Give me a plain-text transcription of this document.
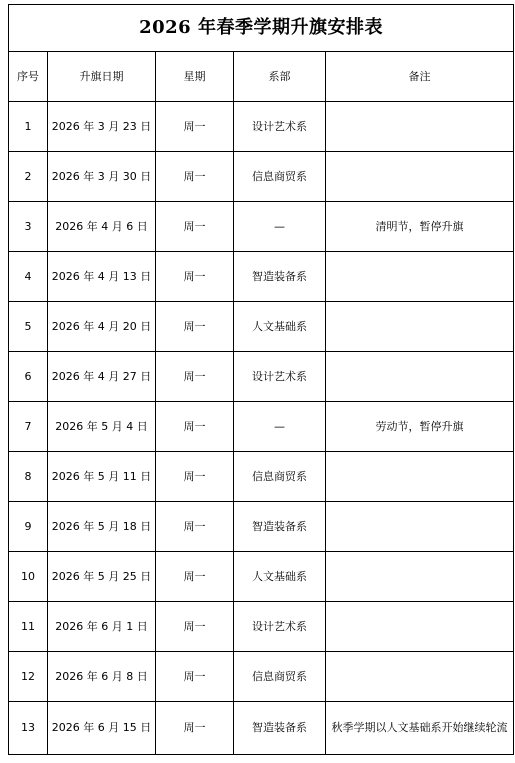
2026 年春季学期升旗安排表				
序号	升旗日期	星期	系部	备注
1	2026 年 3 月 23 日	周一	设计艺术系	
2	2026 年 3 月 30 日	周一	信息商贸系	
3	2026 年 4 月 6 日	周一	—	清明节，暂停升旗
4	2026 年 4 月 13 日	周一	智造装备系	
5	2026 年 4 月 20 日	周一	人文基础系	
6	2026 年 4 月 27 日	周一	设计艺术系	
7	2026 年 5 月 4 日	周一	—	劳动节，暂停升旗
8	2026 年 5 月 11 日	周一	信息商贸系	
9	2026 年 5 月 18 日	周一	智造装备系	
10	2026 年 5 月 25 日	周一	人文基础系	
11	2026 年 6 月 1 日	周一	设计艺术系	
12	2026 年 6 月 8 日	周一	信息商贸系	
13	2026 年 6 月 15 日	周一	智造装备系	秋季学期以人文基础系开始继续轮流
